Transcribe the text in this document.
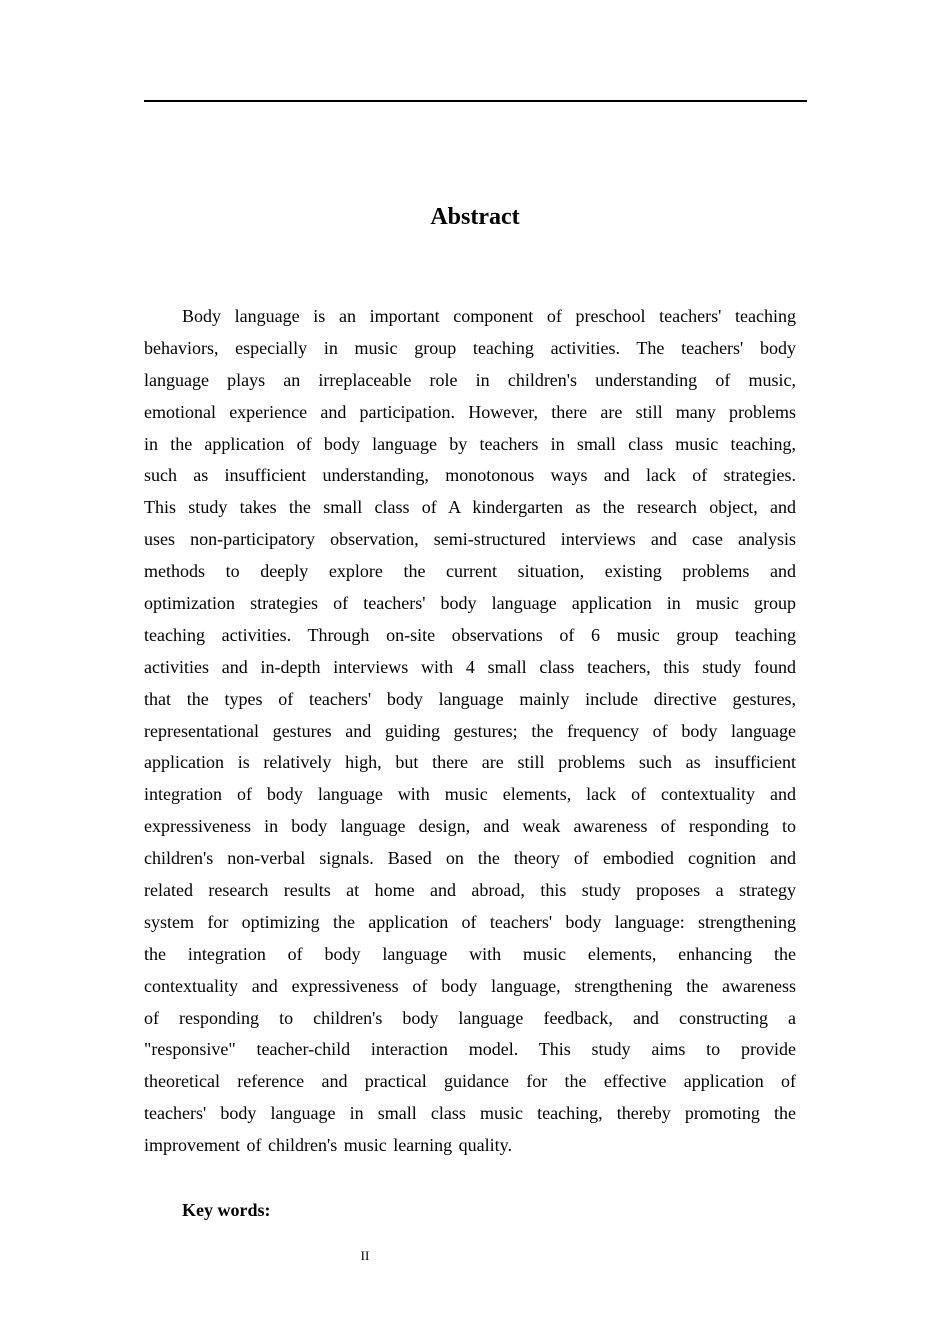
Abstract
Body language is an important component of preschool teachers' teaching
behaviors, especially in music group teaching activities. The teachers' body
language plays an irreplaceable role in children's understanding of music,
emotional experience and participation. However, there are still many problems
in the application of body language by teachers in small class music teaching,
such as insufficient understanding, monotonous ways and lack of strategies.
This study takes the small class of A kindergarten as the research object, and
uses non-participatory observation, semi-structured interviews and case analysis
methods to deeply explore the current situation, existing problems and
optimization strategies of teachers' body language application in music group
teaching activities. Through on-site observations of 6 music group teaching
activities and in-depth interviews with 4 small class teachers, this study found
that the types of teachers' body language mainly include directive gestures,
representational gestures and guiding gestures; the frequency of body language
application is relatively high, but there are still problems such as insufficient
integration of body language with music elements, lack of contextuality and
expressiveness in body language design, and weak awareness of responding to
children's non-verbal signals. Based on the theory of embodied cognition and
related research results at home and abroad, this study proposes a strategy
system for optimizing the application of teachers' body language: strengthening
the integration of body language with music elements, enhancing the
contextuality and expressiveness of body language, strengthening the awareness
of responding to children's body language feedback, and constructing a
"responsive" teacher-child interaction model. This study aims to provide
theoretical reference and practical guidance for the effective application of
teachers' body language in small class music teaching, thereby promoting the
improvement of children's music learning quality.

Key words:

II
